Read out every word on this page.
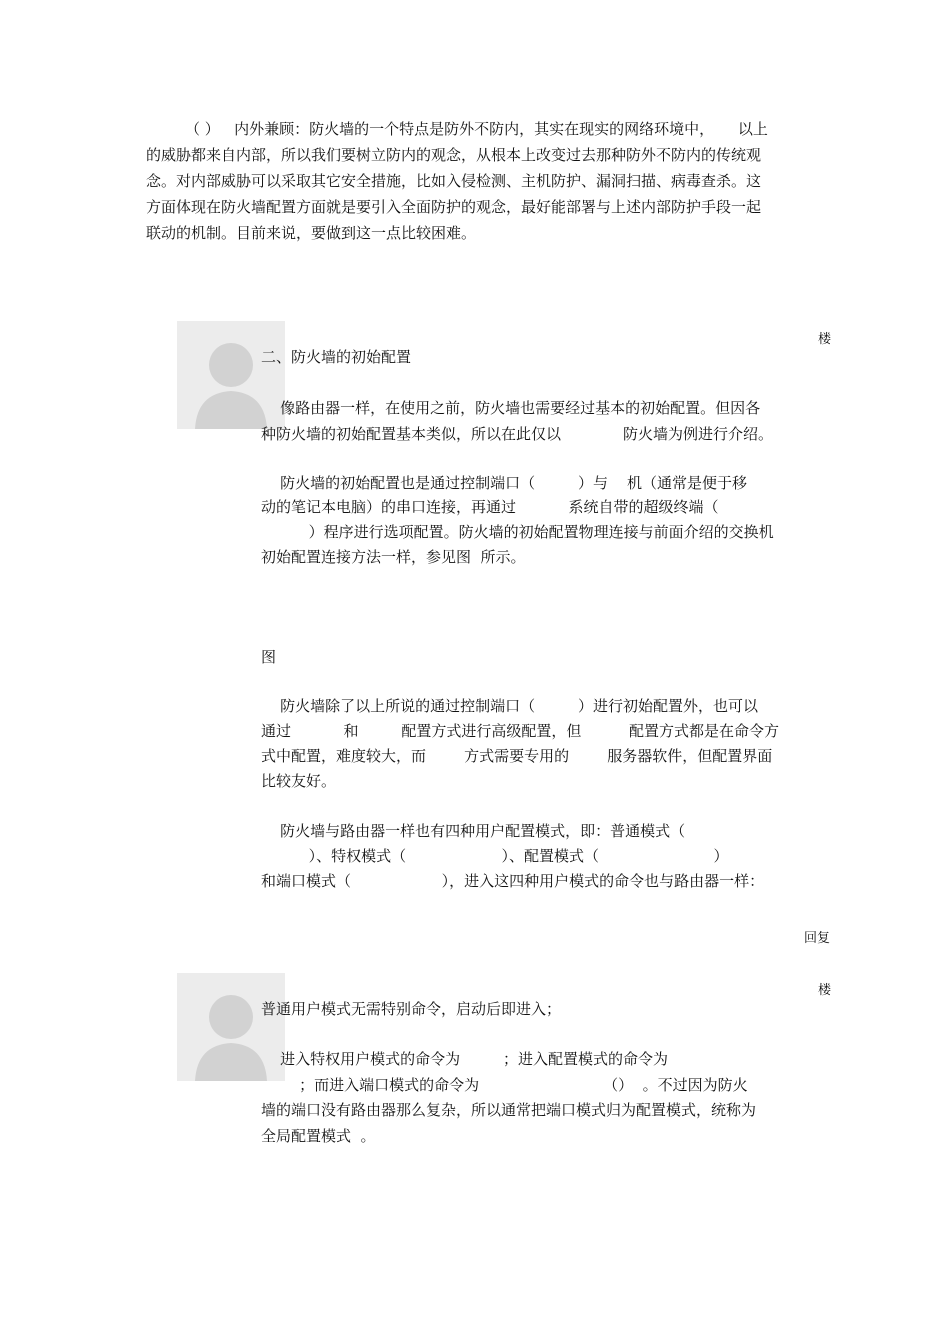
（ ）   内外兼顾：防火墙的一个特点是防外不防内，其实在现实的网络环境中，     以上
的威胁都来自内部，所以我们要树立防内的观念，从根本上改变过去那种防外不防内的传统观
念。对内部威胁可以采取其它安全措施，比如入侵检测、主机防护、漏洞扫描、病毒查杀。这
方面体现在防火墙配置方面就是要引入全面防护的观念，最好能部署与上述内部防护手段一起
联动的机制。目前来说，要做到这一点比较困难。
楼
二、防火墙的初始配置
像路由器一样，在使用之前，防火墙也需要经过基本的初始配置。但因各
种防火墙的初始配置基本类似，所以在此仅以             防火墙为例进行介绍。
防火墙的初始配置也是通过控制端口（         ）与    机（通常是便于移
动的笔记本电脑）的串口连接，再通过           系统自带的超级终端（
）程序进行选项配置。防火墙的初始配置物理连接与前面介绍的交换机
初始配置连接方法一样，参见图  所示。
图
防火墙除了以上所说的通过控制端口（         ）进行初始配置外，也可以
通过           和         配置方式进行高级配置，但          配置方式都是在命令方
式中配置，难度较大，而        方式需要专用的        服务器软件，但配置界面
比较友好。
防火墙与路由器一样也有四种用户配置模式，即：普通模式（
）、特权模式（                    ）、配置模式（                        ）
和端口模式（                   ），进入这四种用户模式的命令也与路由器一样：
回复
楼
普通用户模式无需特别命令，启动后即进入；
进入特权用户模式的命令为         ；进入配置模式的命令为
；而进入端口模式的命令为                          （）  。不过因为防火
墙的端口没有路由器那么复杂，所以通常把端口模式归为配置模式，统称为
全局配置模式  。
